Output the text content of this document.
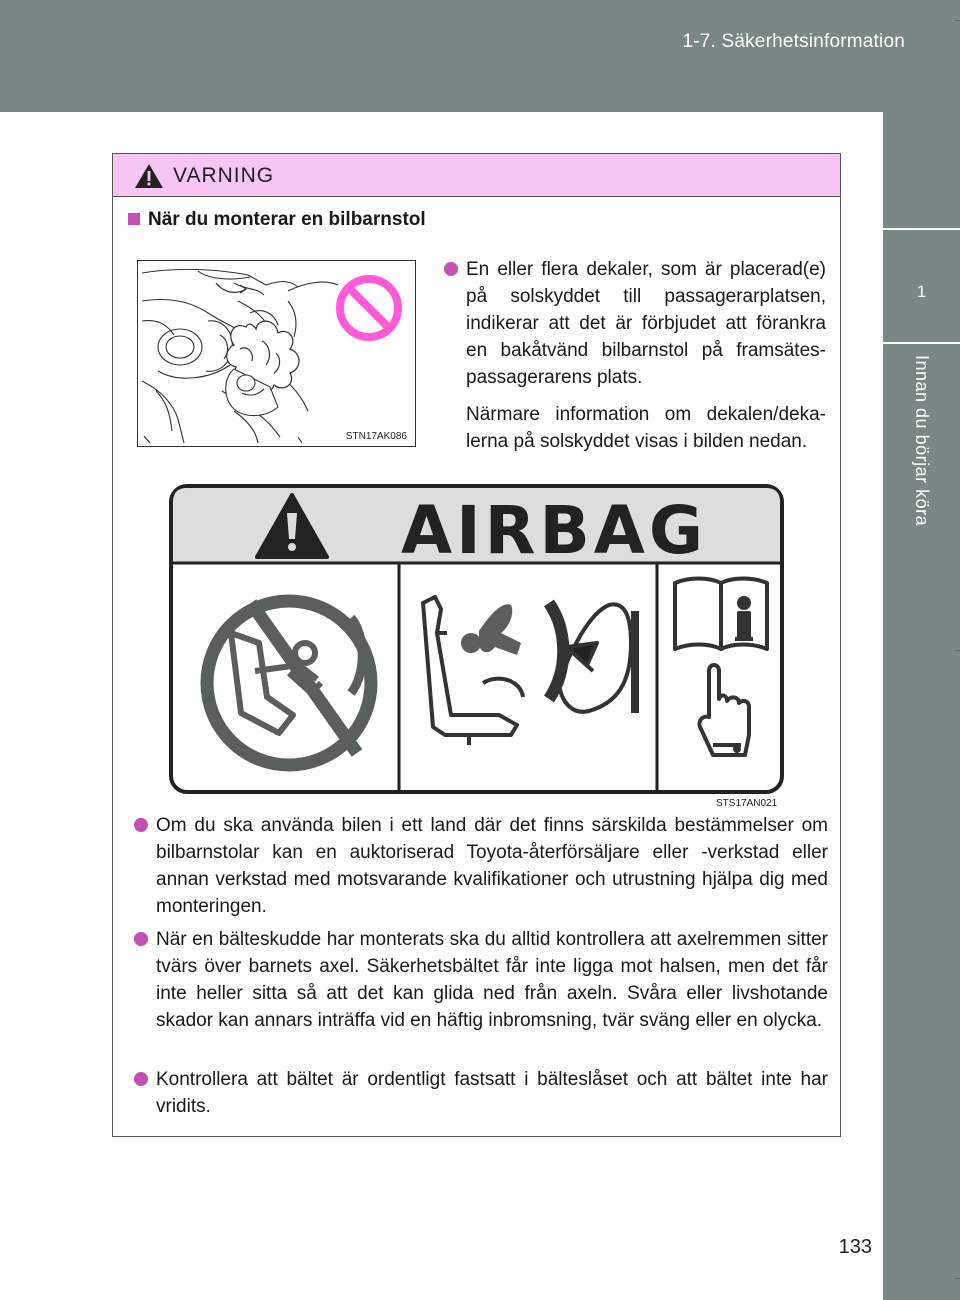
1-7. Säkerhetsinformation
1
Innan du börjar köra
VARNING
När du monterar en bilbarnstol
STN17AK086

En eller flera dekaler, som är placerad(e) på solskyddet till passagerarplatsen, indikerar att det är förbjudet att förankra en bakåtvänd bilbarnstol på framsätes-passagerarens plats.

Närmare information om dekalen/deka-lerna på solskyddet visas i bilden nedan.

AIRBAG
STS17AN021

Om du ska använda bilen i ett land där det finns särskilda bestämmelser om bilbarnstolar kan en auktoriserad Toyota-återförsäljare eller -verkstad eller annan verkstad med motsvarande kvalifikationer och utrustning hjälpa dig med monteringen.

När en bälteskudde har monterats ska du alltid kontrollera att axelremmen sitter tvärs över barnets axel. Säkerhetsbältet får inte ligga mot halsen, men det får inte heller sitta så att det kan glida ned från axeln. Svåra eller livshotande skador kan annars inträffa vid en häftig inbromsning, tvär sväng eller en olycka.

Kontrollera att bältet är ordentligt fastsatt i bälteslåset och att bältet inte har vridits.

133
